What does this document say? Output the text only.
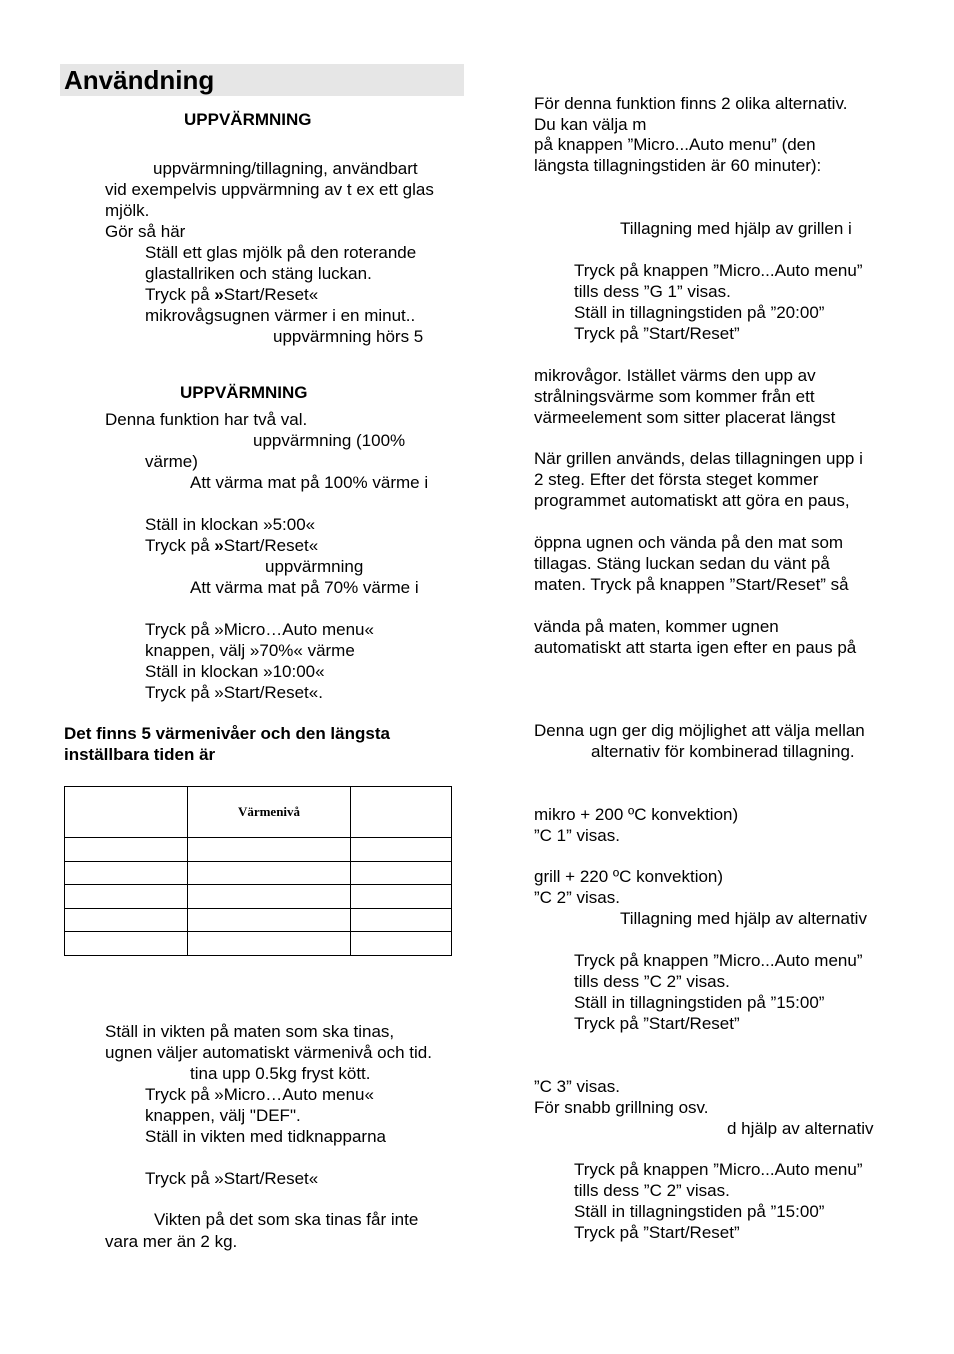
Användning
UPPVÄRMNING
uppvärmning/tillagning, användbart
vid exempelvis uppvärmning av t ex ett glas
mjölk.
Gör så här
Ställ ett glas mjölk på den roterande
glastallriken och stäng luckan.
Tryck på »Start/Reset«
mikrovågsugnen värmer i en minut..
uppvärmning hörs 5
UPPVÄRMNING
Denna funktion har två val.
uppvärmning (100%
värme)
Att värma mat på 100% värme i
Ställ in klockan »5:00«
Tryck på »Start/Reset«
uppvärmning
Att värma mat på 70% värme i
Tryck på »Micro…Auto menu«
knappen, välj »70%« värme
Ställ in klockan »10:00«
Tryck på »Start/Reset«.
Det finns 5 värmenivåer och den längsta
inställbara tiden är
Värmenivå
Ställ in vikten på maten som ska tinas,
ugnen väljer automatiskt värmenivå och tid.
tina upp 0.5kg fryst kött.
Tryck på »Micro…Auto menu«
knappen, välj "DEF".
Ställ in vikten med tidknapparna
Tryck på »Start/Reset«
Vikten på det som ska tinas får inte
vara mer än 2 kg.
För denna funktion finns 2 olika alternativ.
Du kan välja m
på knappen ”Micro...Auto menu” (den
längsta tillagningstiden är 60 minuter):
Tillagning med hjälp av grillen i
Tryck på knappen ”Micro...Auto menu”
tills dess ”G 1” visas.
Ställ in tillagningstiden på ”20:00”
Tryck på ”Start/Reset”
mikrovågor. Istället värms den upp av
strålningsvärme som kommer från ett
värmeelement som sitter placerat längst
När grillen används, delas tillagningen upp i
2 steg. Efter det första steget kommer
programmet automatiskt att göra en paus,
öppna ugnen och vända på den mat som
tillagas. Stäng luckan sedan du vänt på
maten. Tryck på knappen ”Start/Reset” så
vända på maten, kommer ugnen
automatiskt att starta igen efter en paus på
Denna ugn ger dig möjlighet att välja mellan
alternativ för kombinerad tillagning.
mikro + 200 ºC konvektion)
”C 1” visas.
grill + 220 ºC konvektion)
”C 2” visas.
Tillagning med hjälp av alternativ
Tryck på knappen ”Micro...Auto menu”
tills dess ”C 2” visas.
Ställ in tillagningstiden på ”15:00”
Tryck på ”Start/Reset”
”C 3” visas.
För snabb grillning osv.
d hjälp av alternativ
Tryck på knappen ”Micro...Auto menu”
tills dess ”C 2” visas.
Ställ in tillagningstiden på ”15:00”
Tryck på ”Start/Reset”
